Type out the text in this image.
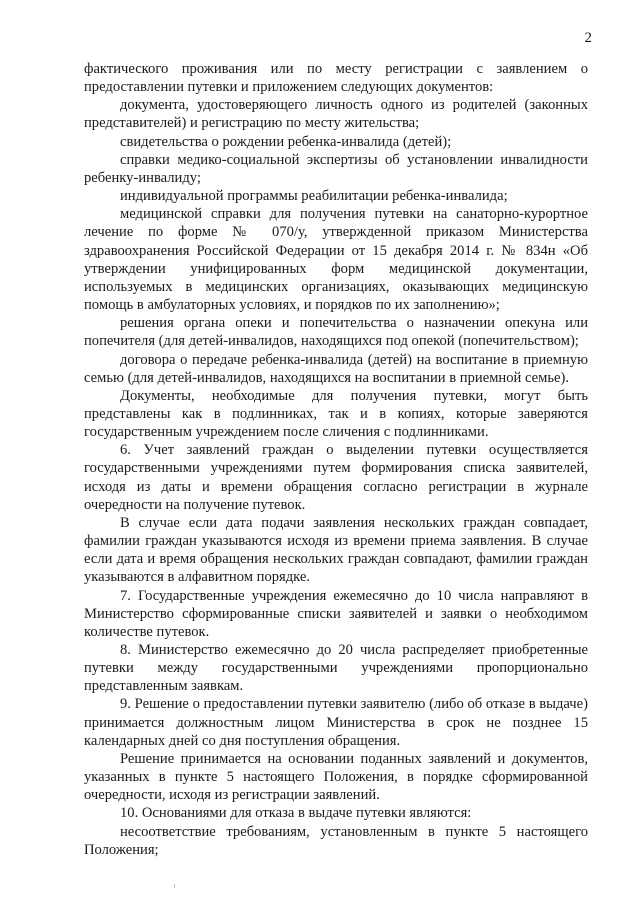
2

фактического проживания или по месту регистрации с заявлением о предоставлении путевки и приложением следующих документов:

документа, удостоверяющего личность одного из родителей (законных представителей) и регистрацию по месту жительства;

свидетельства о рождении ребенка-инвалида (детей);

справки медико-социальной экспертизы об установлении инвалидности ребенку-инвалиду;

индивидуальной программы реабилитации ребенка-инвалида;

медицинской справки для получения путевки на санаторно-курортное лечение по форме № 070/у, утвержденной приказом Министерства здравоохранения Российской Федерации от 15 декабря 2014 г. № 834н «Об утверждении унифицированных форм медицинской документации, используемых в медицинских организациях, оказывающих медицинскую помощь в амбулаторных условиях, и порядков по их заполнению»;

решения органа опеки и попечительства о назначении опекуна или попечителя (для детей-инвалидов, находящихся под опекой (попечительством);

договора о передаче ребенка-инвалида (детей) на воспитание в приемную семью (для детей-инвалидов, находящихся на воспитании в приемной семье).

Документы, необходимые для получения путевки, могут быть представлены как в подлинниках, так и в копиях, которые заверяются государственным учреждением после сличения с подлинниками.

6. Учет заявлений граждан о выделении путевки осуществляется государственными учреждениями путем формирования списка заявителей, исходя из даты и времени обращения согласно регистрации в журнале очередности на получение путевок.

В случае если дата подачи заявления нескольких граждан совпадает, фамилии граждан указываются исходя из времени приема заявления. В случае если дата и время обращения нескольких граждан совпадают, фамилии граждан указываются в алфавитном порядке.

7. Государственные учреждения ежемесячно до 10 числа направляют в Министерство сформированные списки заявителей и заявки о необходимом количестве путевок.

8. Министерство ежемесячно до 20 числа распределяет приобретенные путевки между государственными учреждениями пропорционально представленным заявкам.

9. Решение о предоставлении путевки заявителю (либо об отказе в выдаче) принимается должностным лицом Министерства в срок не позднее 15 календарных дней со дня поступления обращения.

Решение принимается на основании поданных заявлений и документов, указанных в пункте 5 настоящего Положения, в порядке сформированной очередности, исходя из регистрации заявлений.

10. Основаниями для отказа в выдаче путевки являются:

несоответствие требованиям, установленным в пункте 5 настоящего Положения;
